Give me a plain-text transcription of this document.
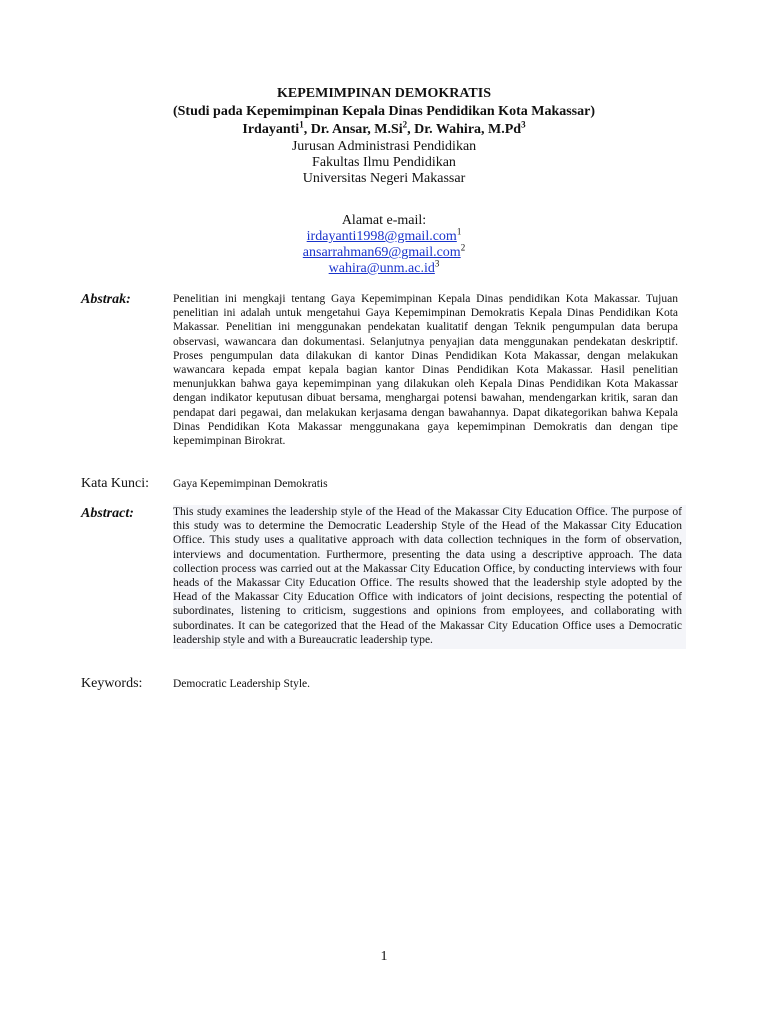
KEPEMIMPINAN DEMOKRATIS
(Studi pada Kepemimpinan Kepala Dinas Pendidikan Kota Makassar)
Irdayanti$^1$, Dr. Ansar, M.Si$^2$, Dr. Wahira, M.Pd$^3$
Jurusan Administrasi Pendidikan
Fakultas Ilmu Pendidikan
Universitas Negeri Makassar
Alamat e-mail:
irdayanti1998@gmail.com$^1$
ansarrahman69@gmail.com$^2$
$wahira@unm.ac.id^3$
Abstrak:	Penelitian ini mengkaji tentang Gaya Kepemimpinan Kepala Dinas pendidikan Kota Makassar. Tujuan penelitian ini adalah untuk mengetahui Gaya Kepemimpinan Demokratis Kepala Dinas Pendidikan Kota Makassar. Penelitian ini menggunakan pendekatan kualitatif dengan Teknik pengumpulan data berupa observasi, wawancara dan dokumentasi. Selanjutnya penyajian data menggunakan pendekatan deskriptif. Proses pengumpulan data dilakukan di kantor Dinas Pendidikan Kota Makassar, dengan melakukan wawancara kepada empat kepala bagian kantor Dinas Pendidikan Kota Makassar. Hasil penelitian menunjukkan bahwa gaya kepemimpinan yang dilakukan oleh Kepala Dinas Pendidikan Kota Makassar dengan indikator keputusan dibuat bersama, menghargai potensi bawahan, mendengarkan kritik, saran dan pendapat dari pegawai, dan melakukan kerjasama dengan bawahannya. Dapat dikategorikan bahwa Kepala Dinas Pendidikan Kota Makassar menggunakana gaya kepemimpinan Demokratis dan dengan tipe kepemimpinan Birokrat.
Kata Kunci: Gaya Kepemimpinan Demokratis
Abstract:	This study examines the leadership style of the Head of the Makassar City Education Office. The purpose of this study was to determine the Democratic Leadership Style of the Head of the Makassar City Education Office. This study uses a qualitative approach with data collection techniques in the form of observation, interviews and documentation. Furthermore, presenting the data using a descriptive approach. The data collection process was carried out at the Makassar City Education Office, by conducting interviews with four heads of the Makassar City Education Office. The results showed that the leadership style adopted by the Head of the Makassar City Education Office with indicators of joint decisions, respecting the potential of subordinates, listening to criticism, suggestions and opinions from employees, and collaborating with subordinates. It can be categorized that the Head of the Makassar City Education Office uses a Democratic leadership style and with a Bureaucratic leadership type.
Keywords:	Democratic Leadership Style.
1
